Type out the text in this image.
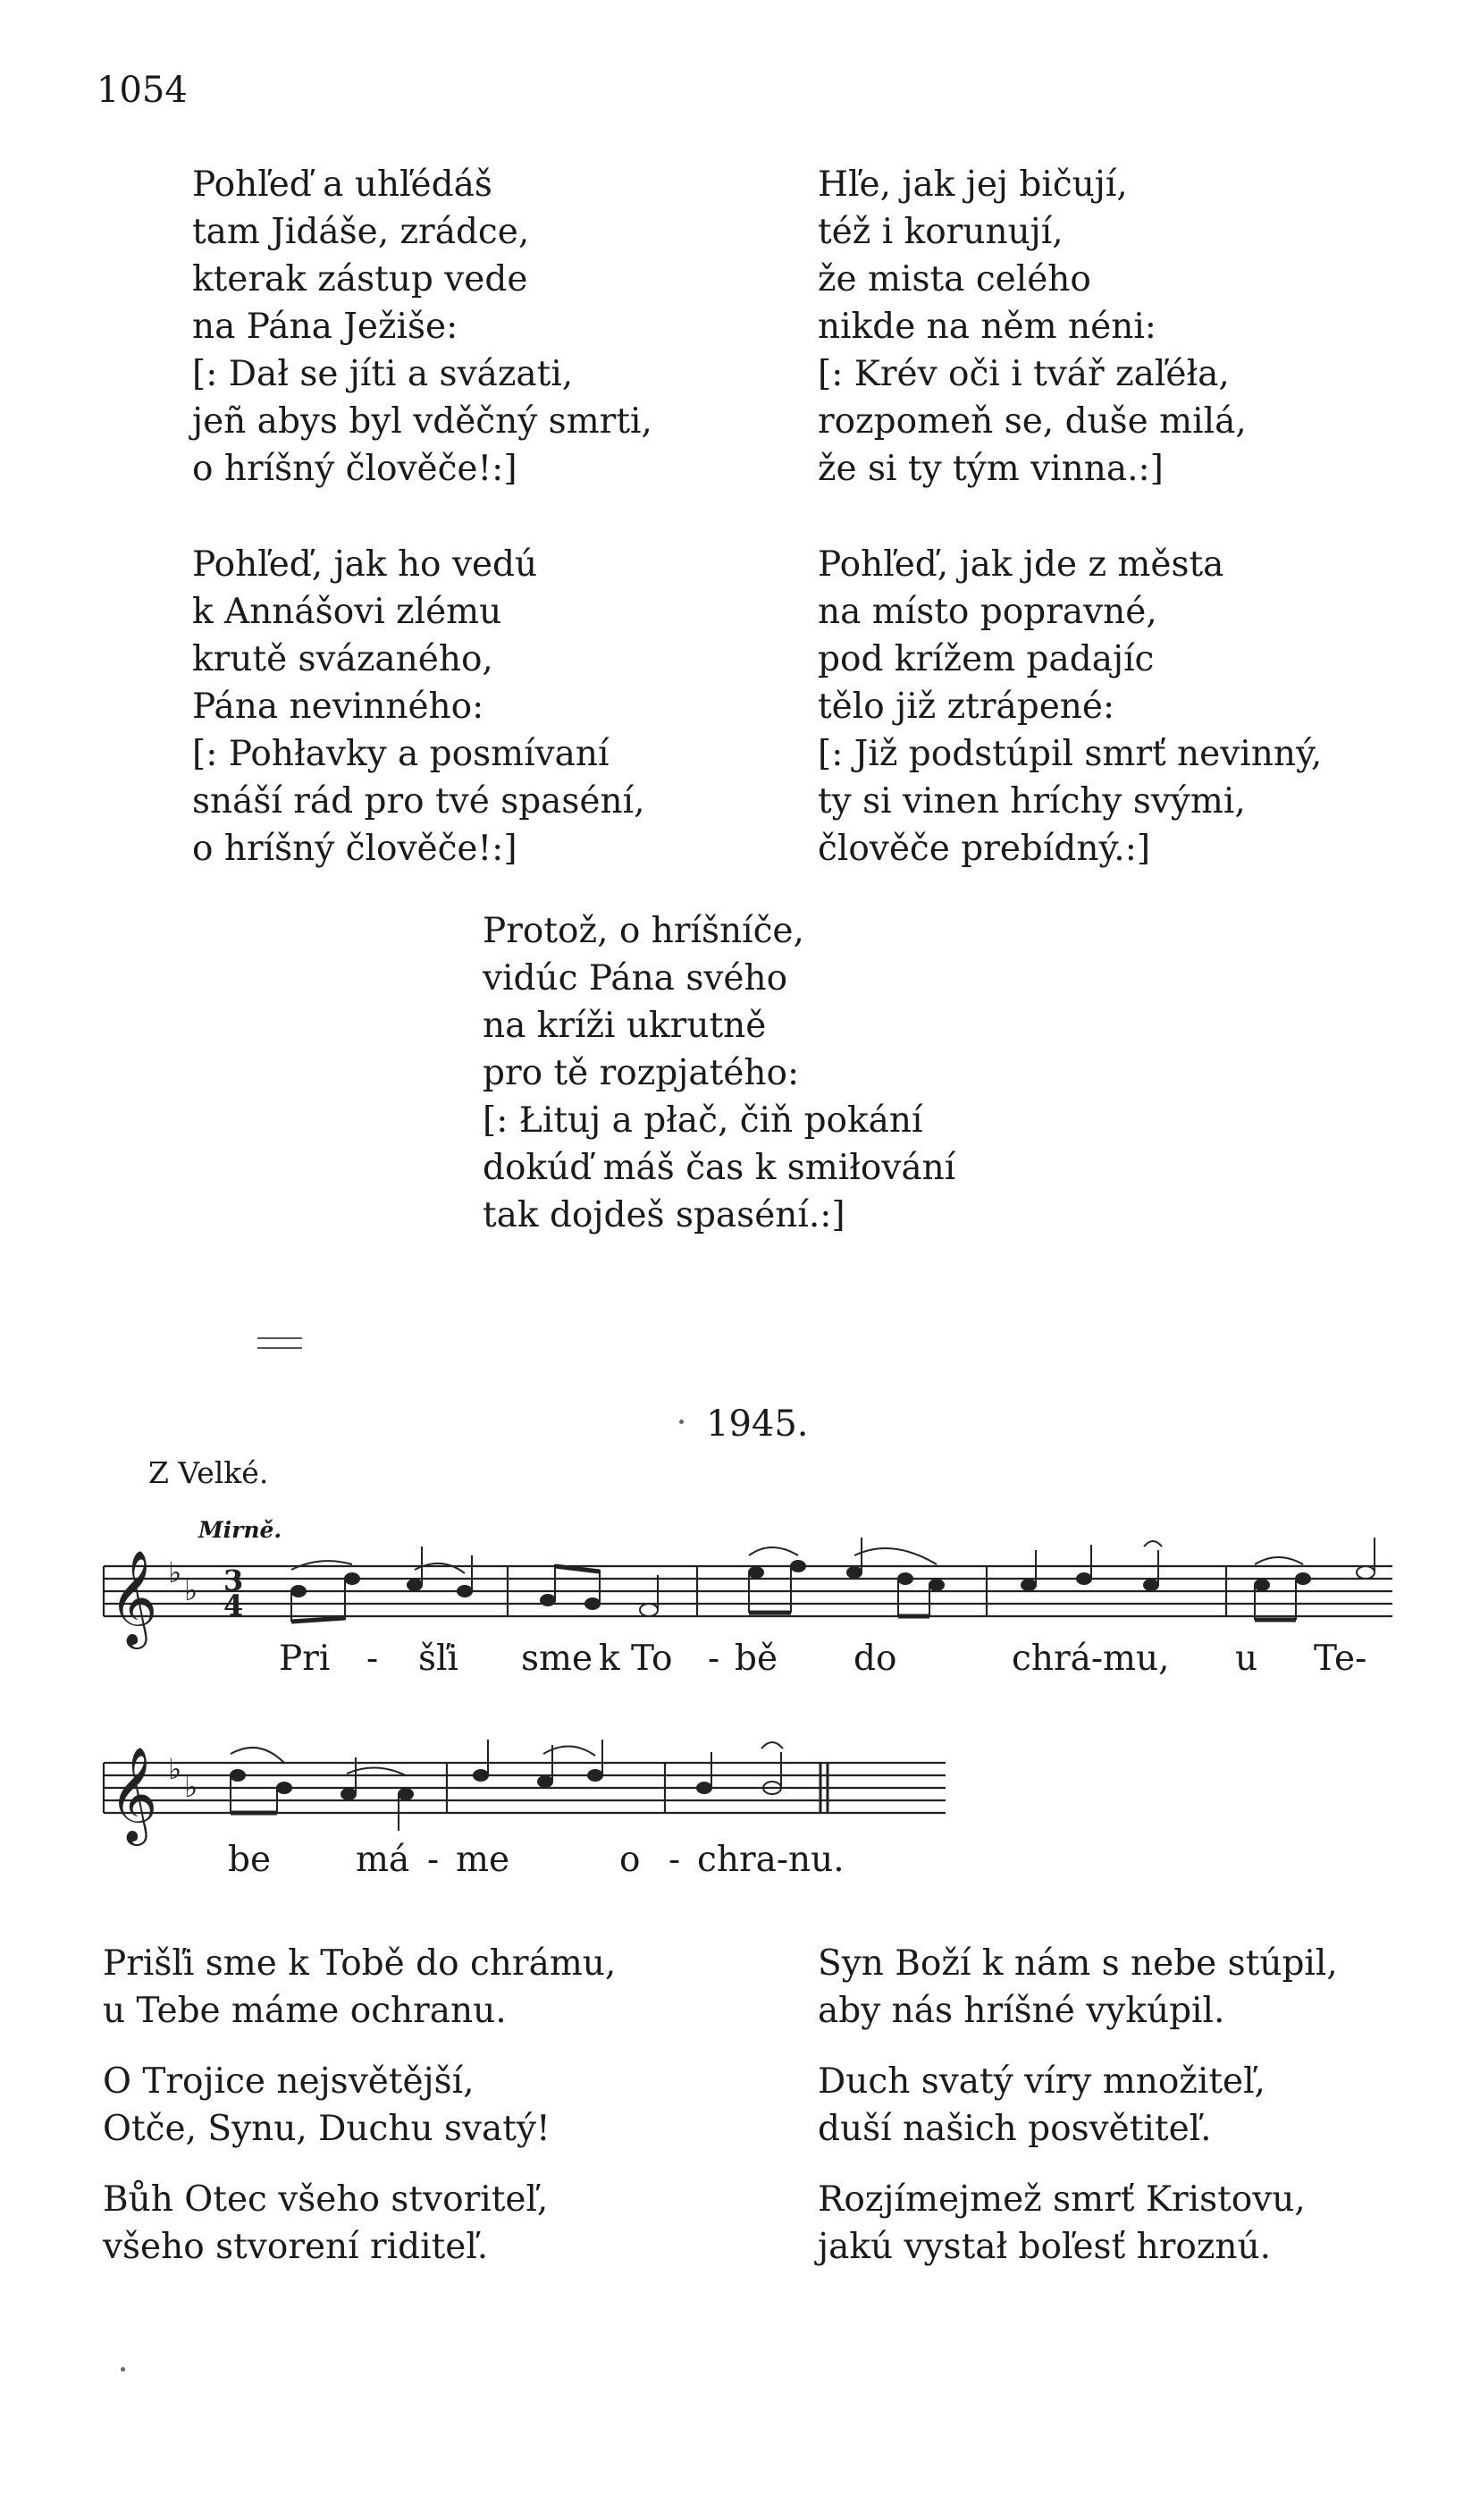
1054
Pohľeď a uhľédáš
tam Jidáše, zrádce,
kterak zástup vede
na Pána Ježiše:
[: Dał se jíti a svázati,
jeñ abys byl vděčný smrti,
o hríšný člověče!:]
Hľe, jak jej bičují,
též i korunují,
že mista celého
nikde na něm néni:
[: Krév oči i tvář zaľéła,
rozpomeň se, duše milá,
že si ty tým vinna.:]
Pohľeď, jak ho vedú
k Annášovi zlému
krutě svázaného,
Pána nevinného:
[: Pohłavky a posmívaní
snáší rád pro tvé spaséní,
o hríšný člověče!:]
Pohľeď, jak jde z města
na místo popravné,
pod krížem padajíc
tělo již ztrápené:
[: Již podstúpil smrť nevinný,
ty si vinen hríchy svými,
člověče prebídný.:]
Protož, o hríšníče,
vidúc Pána svého
na kríži ukrutně
pro tě rozpjatého:
[: Łituj a płač, čiň pokání
dokúď máš čas k smiłování
tak dojdeš spaséní.:]
1945.
Z Velké.
Mirně.
𝄞 ♭
♭ 3
4
Pri - šľi sme k To - bě do	chrá-mu, u Te-
𝄞 ♭
♭
be má - me	o - chra-nu.
Prišľi sme k Tobě do chrámu,
u Tebe máme ochranu.
Syn Boží k nám s nebe stúpil,
aby nás hríšné vykúpil.
O Trojice nejsvětější,
Otče, Synu, Duchu svatý!
Duch svatý víry množiteľ,
duší našich posvětiteľ.
Bůh Otec všeho stvoriteľ,
všeho stvorení riditeľ.
Rozjímejmež smrť Kristovu,
jakú vystał boľesť hroznú.
